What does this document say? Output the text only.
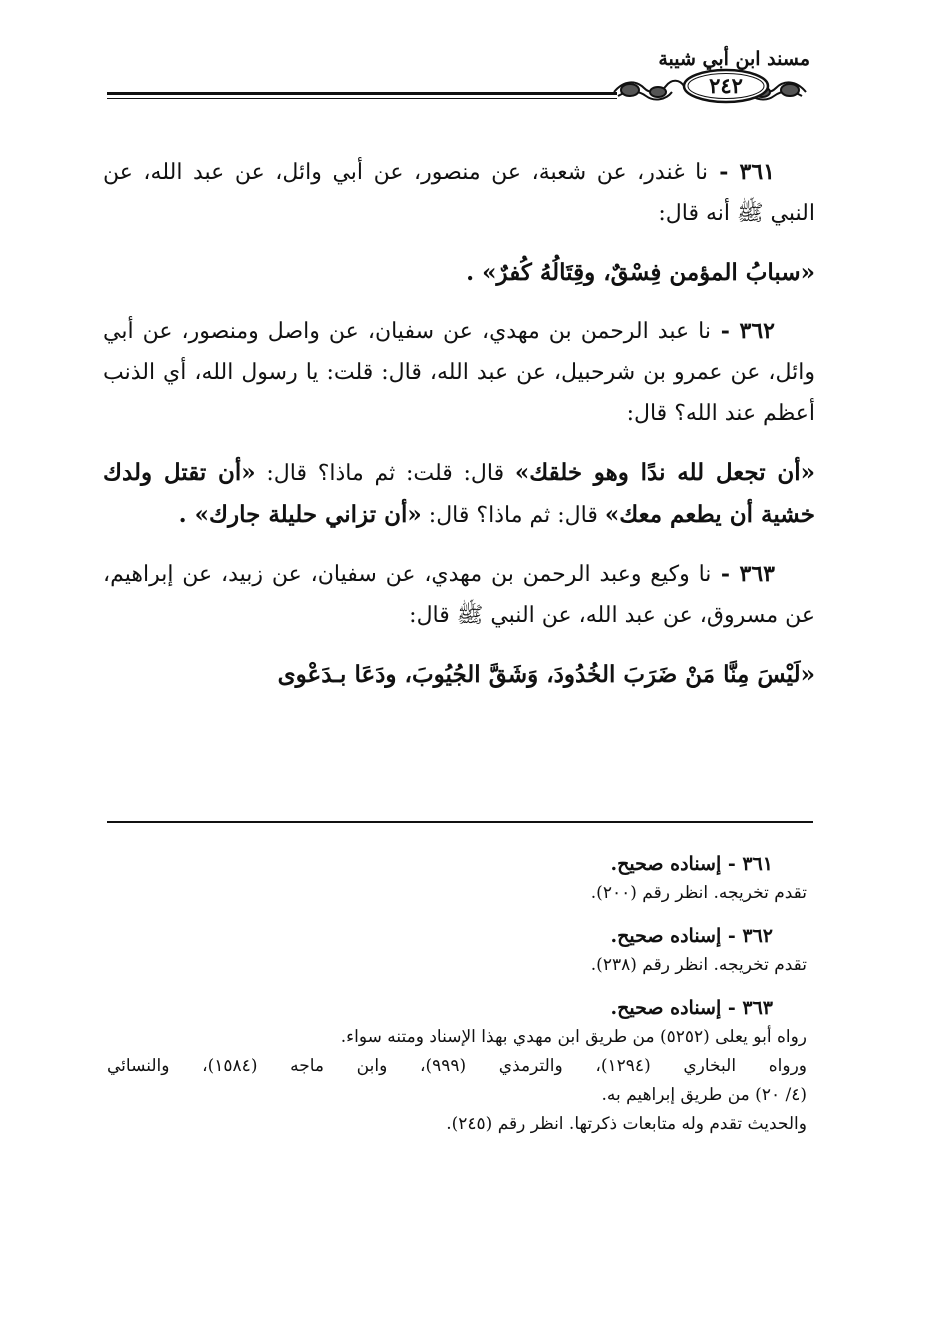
مسند ابن أبي شيبة
٢٤٢

٣٦١ - نا غندر، عن شعبة، عن منصور، عن أبي وائل، عن عبد الله، عن النبي ﷺ أنه قال:

«سبابُ المؤمن فِسْقٌ، وقِتَالُهُ كُفرٌ» .

٣٦٢ - نا عبد الرحمن بن مهدي، عن سفيان، عن واصل ومنصور، عن أبي وائل، عن عمرو بن شرحبيل، عن عبد الله، قال: قلت: يا رسول الله، أي الذنب أعظم عند الله؟ قال:

«أن تجعل لله ندًا وهو خلقك» قال: قلت: ثم ماذا؟ قال: «أن تقتل ولدك خشية أن يطعم معك» قال: ثم ماذا؟ قال: «أن تزاني حليلة جارك» .

٣٦٣ - نا وكيع وعبد الرحمن بن مهدي، عن سفيان، عن زبيد، عن إبراهيم، عن مسروق، عن عبد الله، عن النبي ﷺ قال:

«لَيْسَ مِنَّا مَنْ ضَرَبَ الخُدُودَ، وَشَقَّ الجُيُوبَ، ودَعَا بـدَعْوى

٣٦١ - إسناده صحيح.
تقدم تخريجه. انظر رقم (٢٠٠).
٣٦٢ - إسناده صحيح.
تقدم تخريجه. انظر رقم (٢٣٨).
٣٦٣ - إسناده صحيح.
رواه أبو يعلى (٥٢٥٢) من طريق ابن مهدي بهذا الإسناد ومتنه سواء.
ورواه البخاري (١٢٩٤)، والترمذي (٩٩٩)، وابن ماجه (١٥٨٤)، والنسائي
(٤/ ٢٠) من طريق إبراهيم به.
والحديث تقدم وله متابعات ذكرتها. انظر رقم (٢٤٥).
